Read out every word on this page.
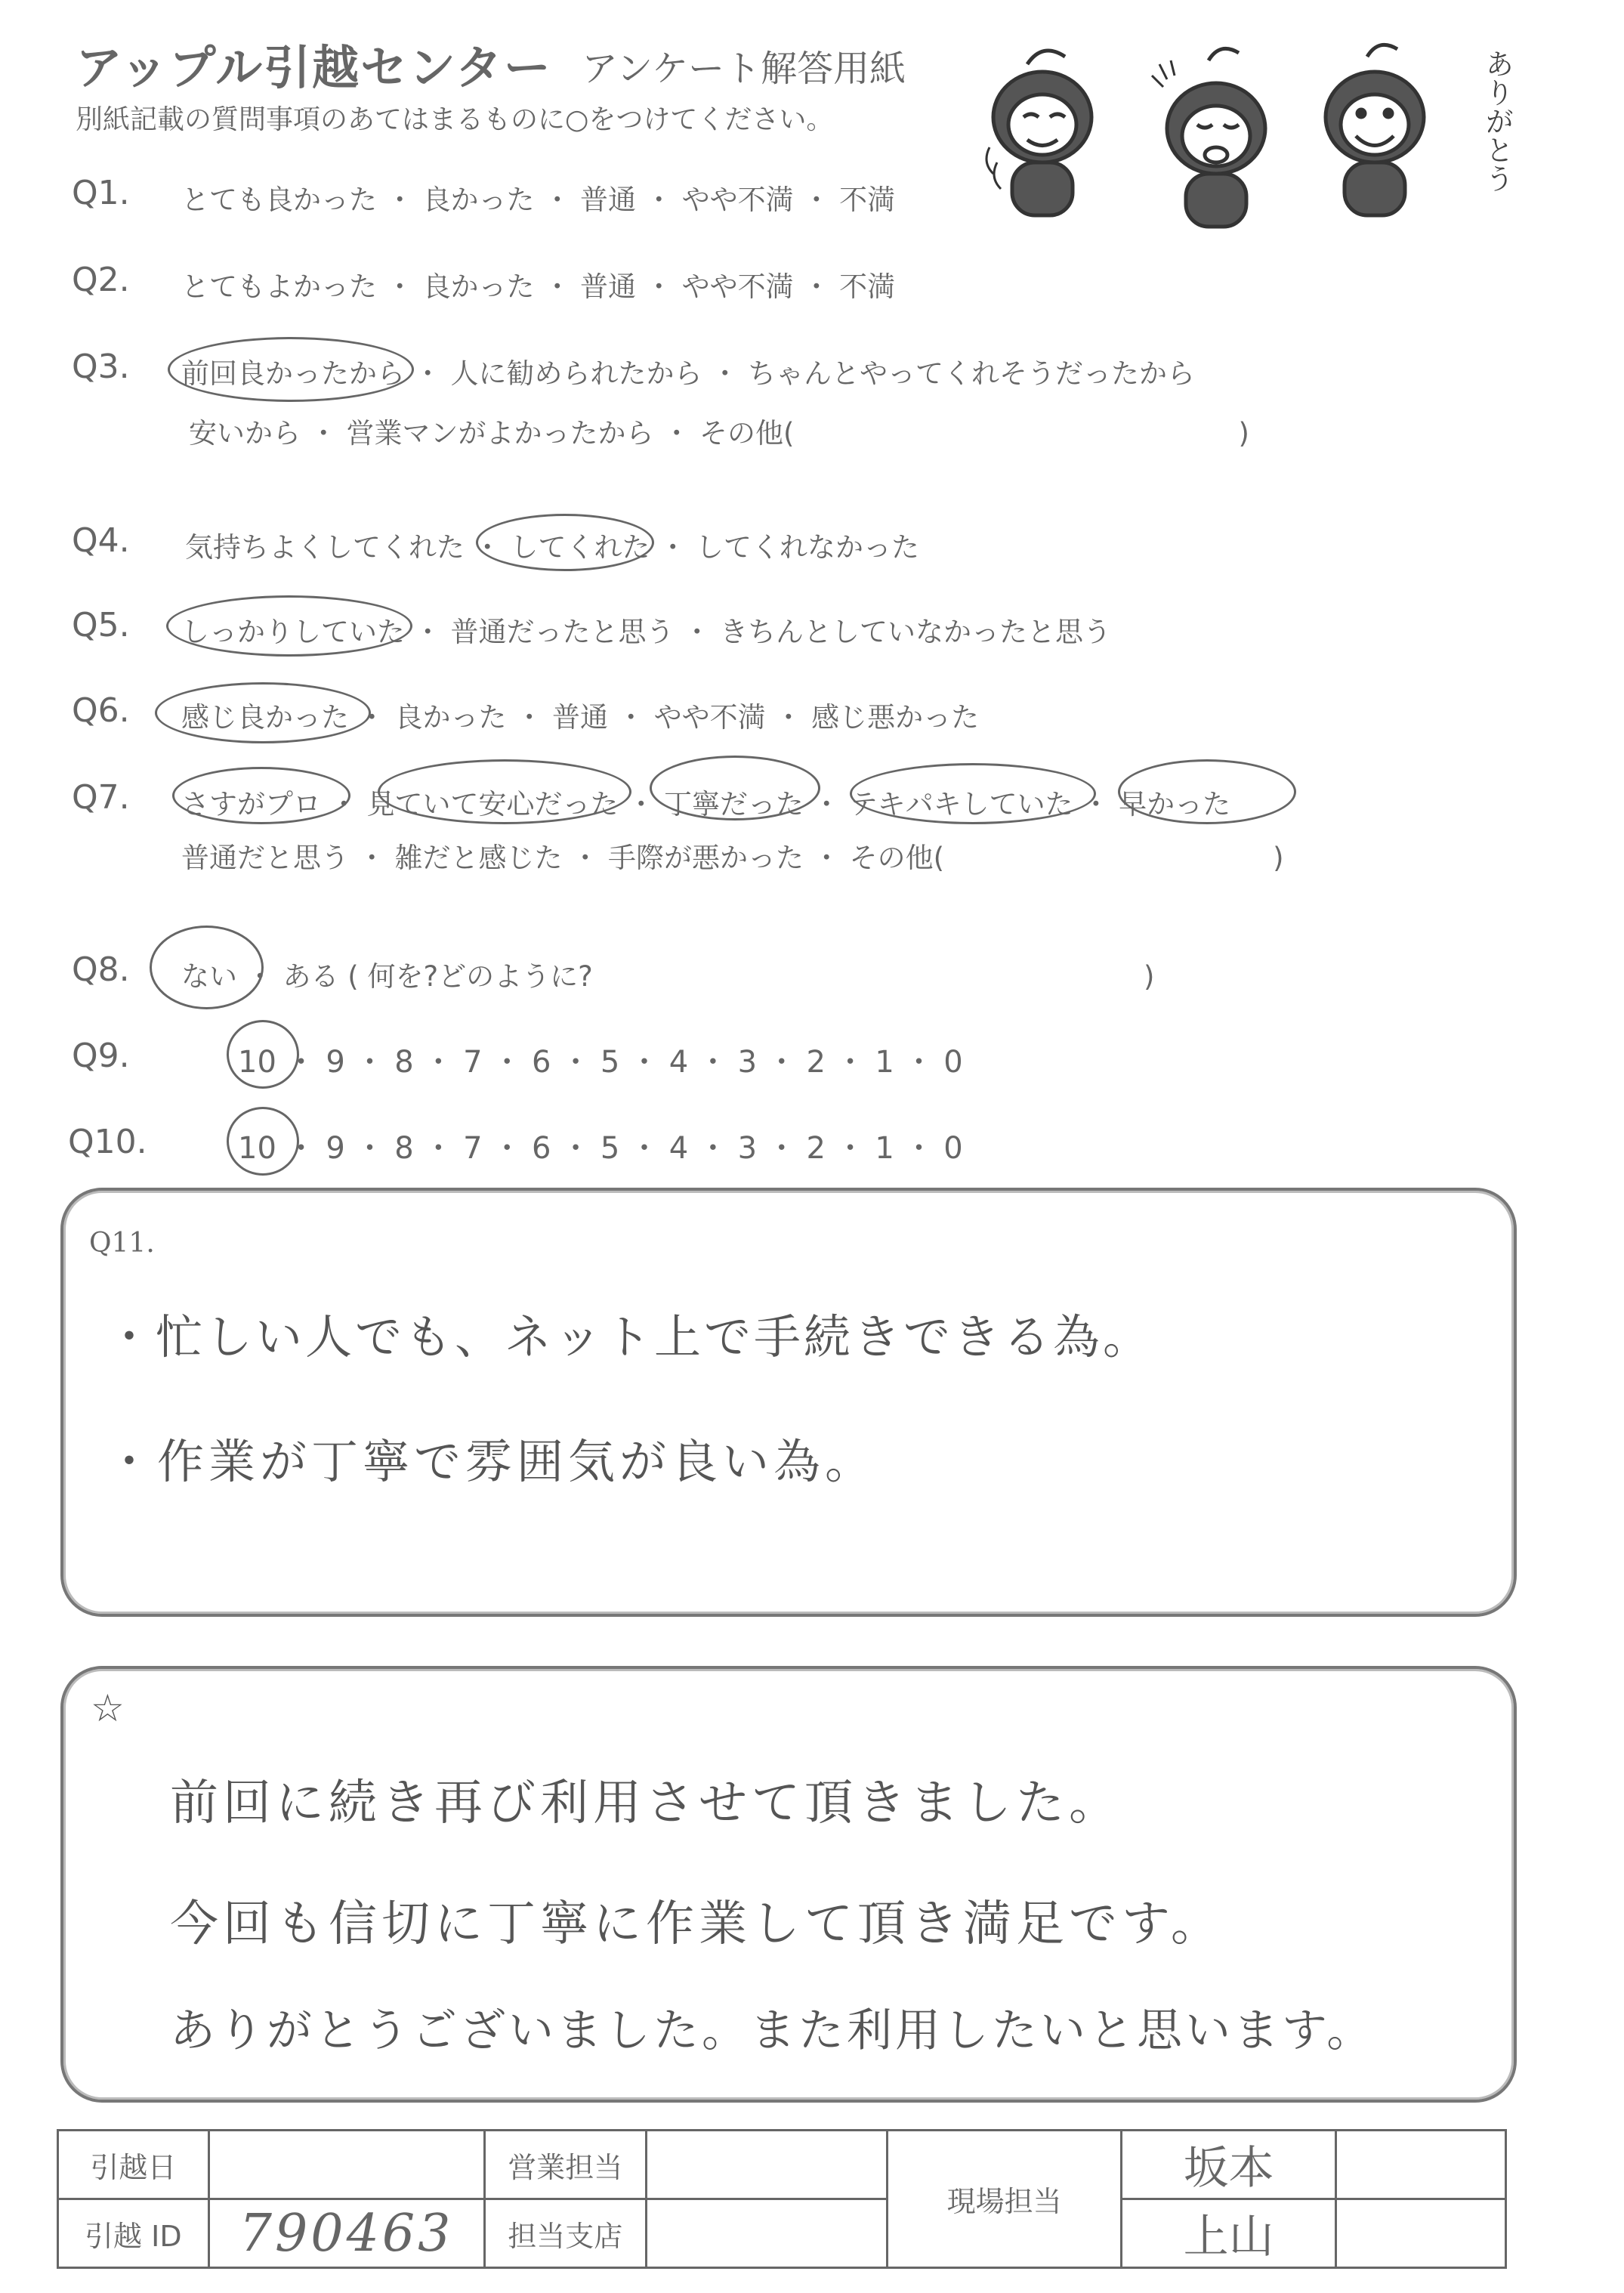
アップル引越センター アンケート解答用紙
別紙記載の質問事項のあてはまるものに○をつけてください。	ありがとう
Q1. とても良かった ・ 良かった ・ 普通 ・ やや不満 ・ 不満
Q2. とてもよかった ・ 良かった ・ 普通 ・ やや不満 ・ 不満
Q3. 前回良かったから ・ 人に勧められたから ・ ちゃんとやってくれそうだったから
安いから ・ 営業マンがよかったから ・ その他(                                                  )
Q4. 気持ちよくしてくれた ・ してくれた ・ してくれなかった
Q5. しっかりしていた ・ 普通だったと思う ・ きちんとしていなかったと思う
Q6. 感じ良かった ・ 良かった ・ 普通 ・ やや不満 ・ 感じ悪かった
Q7. さすがプロ ・ 見ていて安心だった ・ 丁寧だった ・ テキパキしていた ・ 早かった
普通だと思う ・ 雑だと感じた ・ 手際が悪かった ・ その他(                                     )
Q8. ない ・ ある ( 何を?どのように?                                                              )
Q9.	10 ・ 9 ・ 8 ・ 7 ・ 6 ・ 5 ・ 4 ・ 3 ・ 2 ・ 1 ・ 0
Q10.	10 ・ 9 ・ 8 ・ 7 ・ 6 ・ 5 ・ 4 ・ 3 ・ 2 ・ 1 ・ 0
Q11.
・忙しい人でも、ネット上で手続きできる為。
・作業が丁寧で雰囲気が良い為。
☆
前回に続き再び利用させて頂きました。
今回も信切に丁寧に作業して頂き満足です。
ありがとうございました。また利用したいと思います。
引越日		営業担当		現場担当	坂本	
引越 ID	790463	担当支店			上山	
